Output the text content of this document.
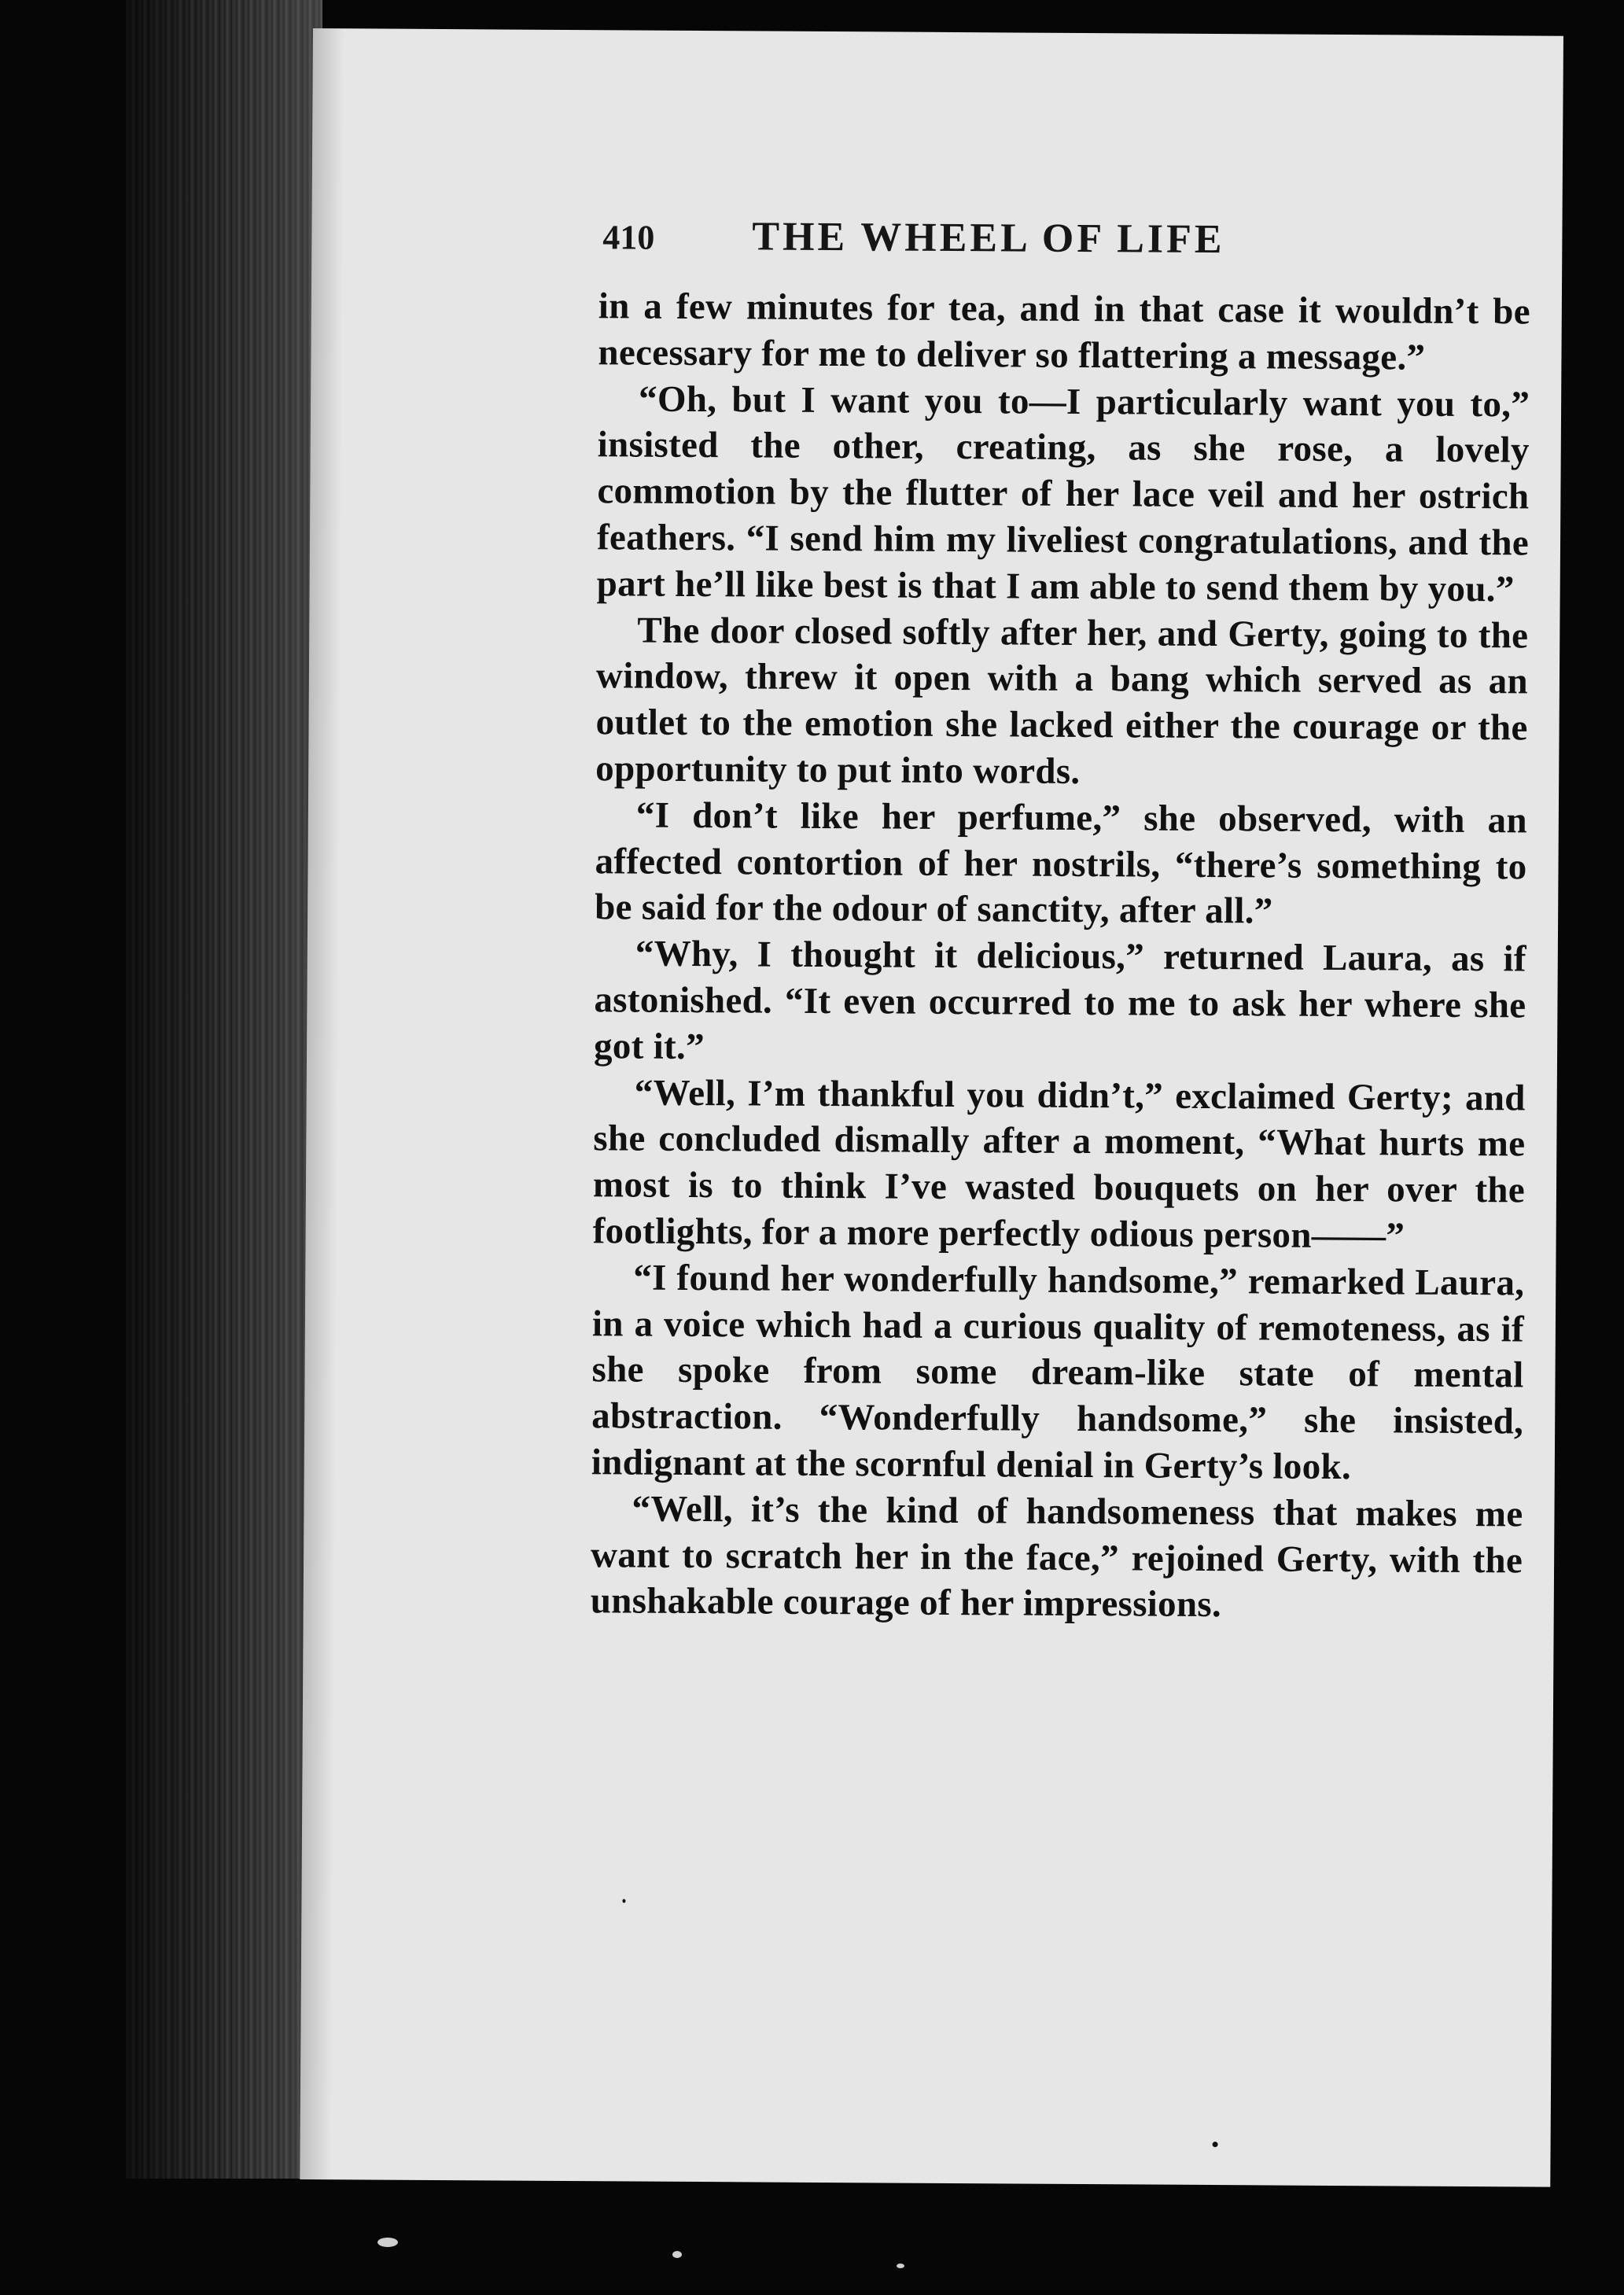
410 THE WHEEL OF LIFE

in a few minutes for tea, and in that case it wouldn’t be necessary for me to deliver so flattering a message.”

“Oh, but I want you to—I particularly want you to,” insisted the other, creating, as she rose, a lovely commotion by the flutter of her lace veil and her ostrich feathers. “I send him my liveliest congratulations, and the part he’ll like best is that I am able to send them by you.”

The door closed softly after her, and Gerty, going to the window, threw it open with a bang which served as an outlet to the emotion she lacked either the courage or the opportunity to put into words.

“I don’t like her perfume,” she observed, with an affected contortion of her nostrils, “there’s something to be said for the odour of sanctity, after all.”

“Why, I thought it delicious,” returned Laura, as if astonished. “It even occurred to me to ask her where she got it.”

“Well, I’m thankful you didn’t,” exclaimed Gerty; and she concluded dismally after a moment, “What hurts me most is to think I’ve wasted bouquets on her over the footlights, for a more perfectly odious person——”

“I found her wonderfully handsome,” remarked Laura, in a voice which had a curious quality of remoteness, as if she spoke from some dream-like state of mental abstraction. “Wonderfully handsome,” she insisted, indignant at the scornful denial in Gerty’s look.

“Well, it’s the kind of handsomeness that makes me want to scratch her in the face,” rejoined Gerty, with the unshakable courage of her impressions.
